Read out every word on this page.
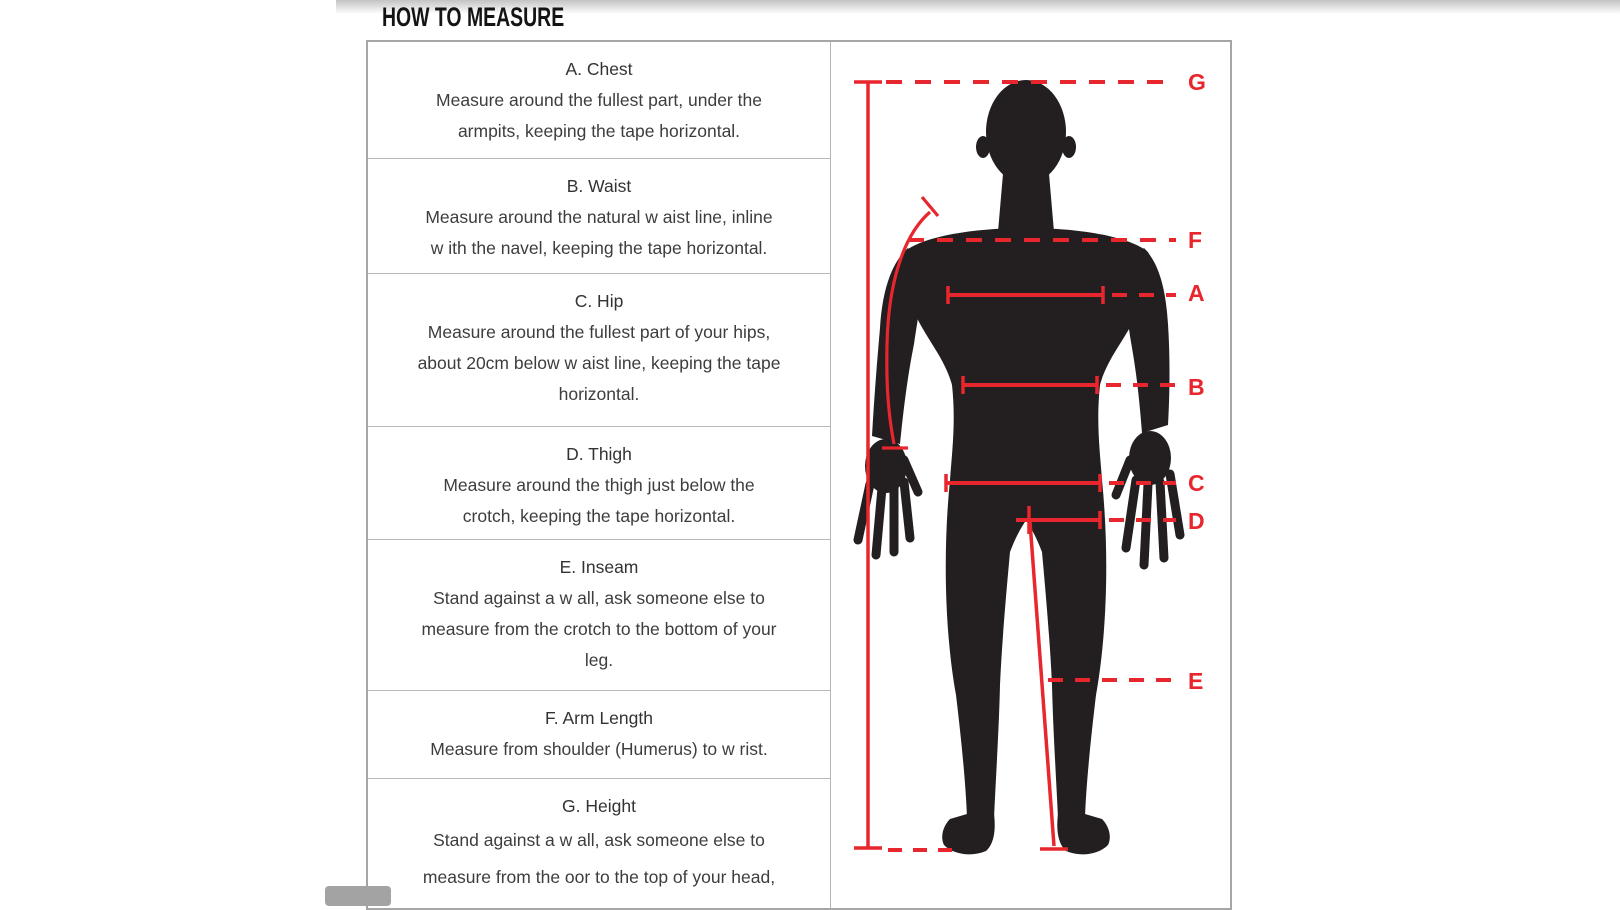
HOW TO MEASURE
A. Chest
Measure around the fullest part, under the
armpits, keeping the tape horizontal.
B. Waist
Measure around the natural w aist line, inline
w ith the navel, keeping the tape horizontal.
C. Hip
Measure around the fullest part of your hips,
about 20cm below w aist line, keeping the tape
horizontal.
D. Thigh
Measure around the thigh just below the
crotch, keeping the tape horizontal.
E. Inseam
Stand against a w all, ask someone else to
measure from the crotch to the bottom of your
leg.
F. Arm Length
Measure from shoulder (Humerus) to w rist.
G. Height
Stand against a w all, ask someone else to
measure from the oor to the top of your head,
G
F
A
B
C
D
E
